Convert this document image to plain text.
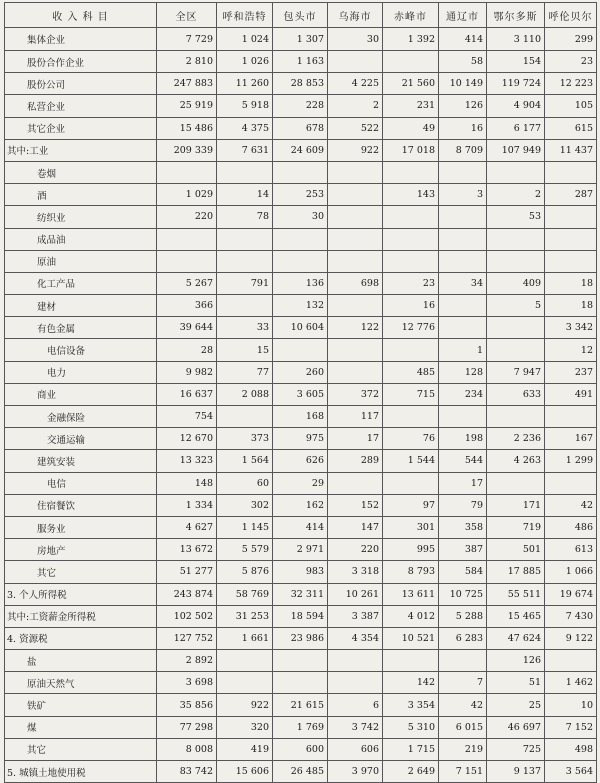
收 入 科 目	全区	呼和浩特	包头市	乌海市	赤峰市	通辽市	鄂尔多斯	呼伦贝尔
集体企业	7 729	1 024	1 307	30	1 392	414	3 110	299
股份合作企业	2 810	1 026	1 163			58	154	23
股份公司	247 883	11 260	28 853	4 225	21 560	10 149	119 724	12 223
私营企业	25 919	5 918	228	2	231	126	4 904	105
其它企业	15 486	4 375	678	522	49	16	6 177	615
其中:工业	209 339	7 631	24 609	922	17 018	8 709	107 949	11 437
卷烟								
酒	1 029	14	253		143	3	2	287
纺织业	220	78	30				53	
成品油								
原油								
化工产品	5 267	791	136	698	23	34	409	18
建材	366		132		16		5	18
有色金属	39 644	33	10 604	122	12 776			3 342
电信设备	28	15				1		12
电力	9 982	77	260		485	128	7 947	237
商业	16 637	2 088	3 605	372	715	234	633	491
金融保险	754		168	117				
交通运输	12 670	373	975	17	76	198	2 236	167
建筑安装	13 323	1 564	626	289	1 544	544	4 263	1 299
电信	148	60	29			17		
住宿餐饮	1 334	302	162	152	97	79	171	42
服务业	4 627	1 145	414	147	301	358	719	486
房地产	13 672	5 579	2 971	220	995	387	501	613
其它	51 277	5 876	983	3 318	8 793	584	17 885	1 066
3. 个人所得税	243 874	58 769	32 311	10 261	13 611	10 725	55 511	19 674
其中:工资薪金所得税	102 502	31 253	18 594	3 387	4 012	5 288	15 465	7 430
4. 资源税	127 752	1 661	23 986	4 354	10 521	6 283	47 624	9 122
盐	2 892						126	
原油天然气	3 698				142	7	51	1 462
铁矿	35 856	922	21 615	6	3 354	42	25	10
煤	77 298	320	1 769	3 742	5 310	6 015	46 697	7 152
其它	8 008	419	600	606	1 715	219	725	498
5. 城镇土地使用税	83 742	15 606	26 485	3 970	2 649	7 151	9 137	3 564
